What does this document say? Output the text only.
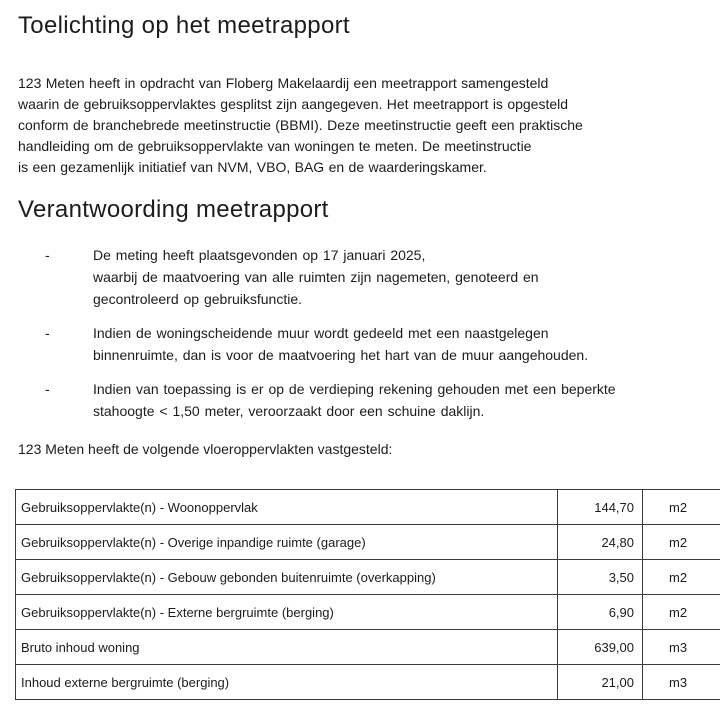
Toelichting op het meetrapport
123 Meten heeft in opdracht van Floberg Makelaardij een meetrapport samengesteld
waarin de gebruiksoppervlaktes gesplitst zijn aangegeven. Het meetrapport is opgesteld
conform de branchebrede meetinstructie (BBMI). Deze meetinstructie geeft een praktische
handleiding om de gebruiksoppervlakte van woningen te meten. De meetinstructie
is een gezamenlijk initiatief van NVM, VBO, BAG en de waarderingskamer.
Verantwoording meetrapport
-	De meting heeft plaatsgevonden op 17 januari 2025,
waarbij de maatvoering van alle ruimten zijn nagemeten, genoteerd en
gecontroleerd op gebruiksfunctie.
-	Indien de woningscheidende muur wordt gedeeld met een naastgelegen
binnenruimte, dan is voor de maatvoering het hart van de muur aangehouden.
-	Indien van toepassing is er op de verdieping rekening gehouden met een beperkte
stahoogte < 1,50 meter, veroorzaakt door een schuine daklijn.
123 Meten heeft de volgende vloeroppervlakten vastgesteld:
Gebruiksoppervlakte(n) - Woonoppervlak	144,70	m2
Gebruiksoppervlakte(n) - Overige inpandige ruimte (garage)	24,80	m2
Gebruiksoppervlakte(n) - Gebouw gebonden buitenruimte (overkapping)	3,50	m2
Gebruiksoppervlakte(n) - Externe bergruimte (berging)	6,90	m2
Bruto inhoud woning	639,00	m3
Inhoud externe bergruimte (berging)	21,00	m3
